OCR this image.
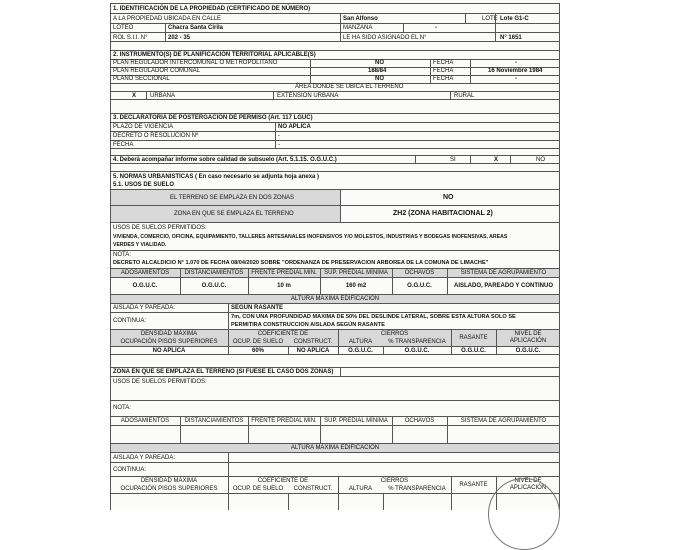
1. IDENTIFICACIÓN DE LA PROPIEDAD (CERTIFICADO DE NÚMERO)
A LA PROPIEDAD UBICADA EN CALLE	San Alfonso	LOTE Lote G1-C
LOTEO	Chacra Santa Cirila	MANZANA	-
ROL S.I.I. N°	202 - 35	LE HA SIDO ASIGNADO EL N°	N° 1651
2. INSTRUMENTO(S) DE PLANIFICACIÓN TERRITORIAL APLICABLE(S)
PLAN REGULADOR INTERCOMUNAL O METROPOLITANO	NO	FECHA	-
PLAN REGULADOR COMUNAL	188/84	FECHA	16 Noviembre 1984
PLANO SECCIONAL	NO	FECHA	-
ÁREA DONDE SE UBICA EL TERRENO
X URBANA	EXTENSION URBANA	RURAL
3. DECLARATORIA DE POSTERGACION DE PERMISO (Art. 117 LGUC)
PLAZO DE VIGENCIA	NO APLICA
DECRETO O RESOLUCION Nº	-
FECHA	-
4. Deberá acompañar informe sobre calidad de subsuelo (Art. 5.1.15. O.G.U.C.)	SI	X	NO
5. NORMAS URBANISTICAS ( En caso necesario se adjunta hoja anexa )
5.1. USOS DE SUELO
EL TERRENO SE EMPLAZA EN DOS ZONAS	NO
ZONA EN QUE SE EMPLAZA EL TERRENO	ZH2 (ZONA HABITACIONAL 2)
USOS DE SUELOS PERMITIDOS:
VIVIENDA, COMERCIO, OFICINA, EQUIPAMIENTO, TALLERES ARTESANALES INOFENSIVOS Y/O MOLESTOS, INDUSTRIAS Y BODEGAS INOFENSIVAS, AREAS
VERDES Y VIALIDAD.
NOTA:
DECRETO ALCALDICIO N° 1.070 DE FECHA 08/04/2020 SOBRE "ORDENANZA DE PRESERVACION ARBOREA DE LA COMUNA DE LIMACHE"
ADOSAMIENTOS	DISTANCIAMIENTOS	FRENTE PREDIAL MIN.	SUP. PREDIAL MÍNIMA	OCHAVOS	SISTEMA DE AGRUPAMIENTO
O.G.U.C.	O.G.U.C.	10 m	160 m2	O.G.U.C.	AISLADO, PAREADO Y CONTINUO
ALTURA MÁXIMA EDIFICACION
AISLADA Y PAREADA:	SEGÚN RASANTE
CONTINUA:
7m, CON UNA PROFUNDIDAD MAXIMA DE 50% DEL DESLINDE LATERAL, SOBRE ESTA ALTURA SOLO SE
PERMITIRA CONSTRUCCION AISLADA SEGÚN RASANTE
DENSIDAD MÁXIMA
OCUPACIÓN PISOS SUPERIORES
COEFICIENTE DE
OCUP. DE SUELO	CONSTRUCT.
CIERROS
ALTURA	% TRANSPARENCIA
RASANTE
NIVEL DE APLICACIÓN
NO APLICA	60%	NO APLICA	O.G.U.C.	O.G.U.C.	O.G.U.C.	O.G.U.C.
ZONA EN QUE SE EMPLAZA EL TERRENO (SI FUESE EL CASO DOS ZONAS)
USOS DE SUELOS PERMITIDOS:
NOTA:
ADOSAMIENTOS	DISTANCIAMIENTOS	FRENTE PREDIAL MIN.	SUP. PREDIAL MÍNIMA	OCHAVOS	SISTEMA DE AGRUPAMIENTO
ALTURA MÁXIMA EDIFICACION
AISLADA Y PAREADA:
CONTINUA:
DENSIDAD MÁXIMA
OCUPACIÓN PISOS SUPERIORES
COEFICIENTE DE
OCUP. DE SUELO	CONSTRUCT.
CIERROS
ALTURA	% TRANSPARENCIA
RASANTE
NIVEL DE APLICACIÓN
